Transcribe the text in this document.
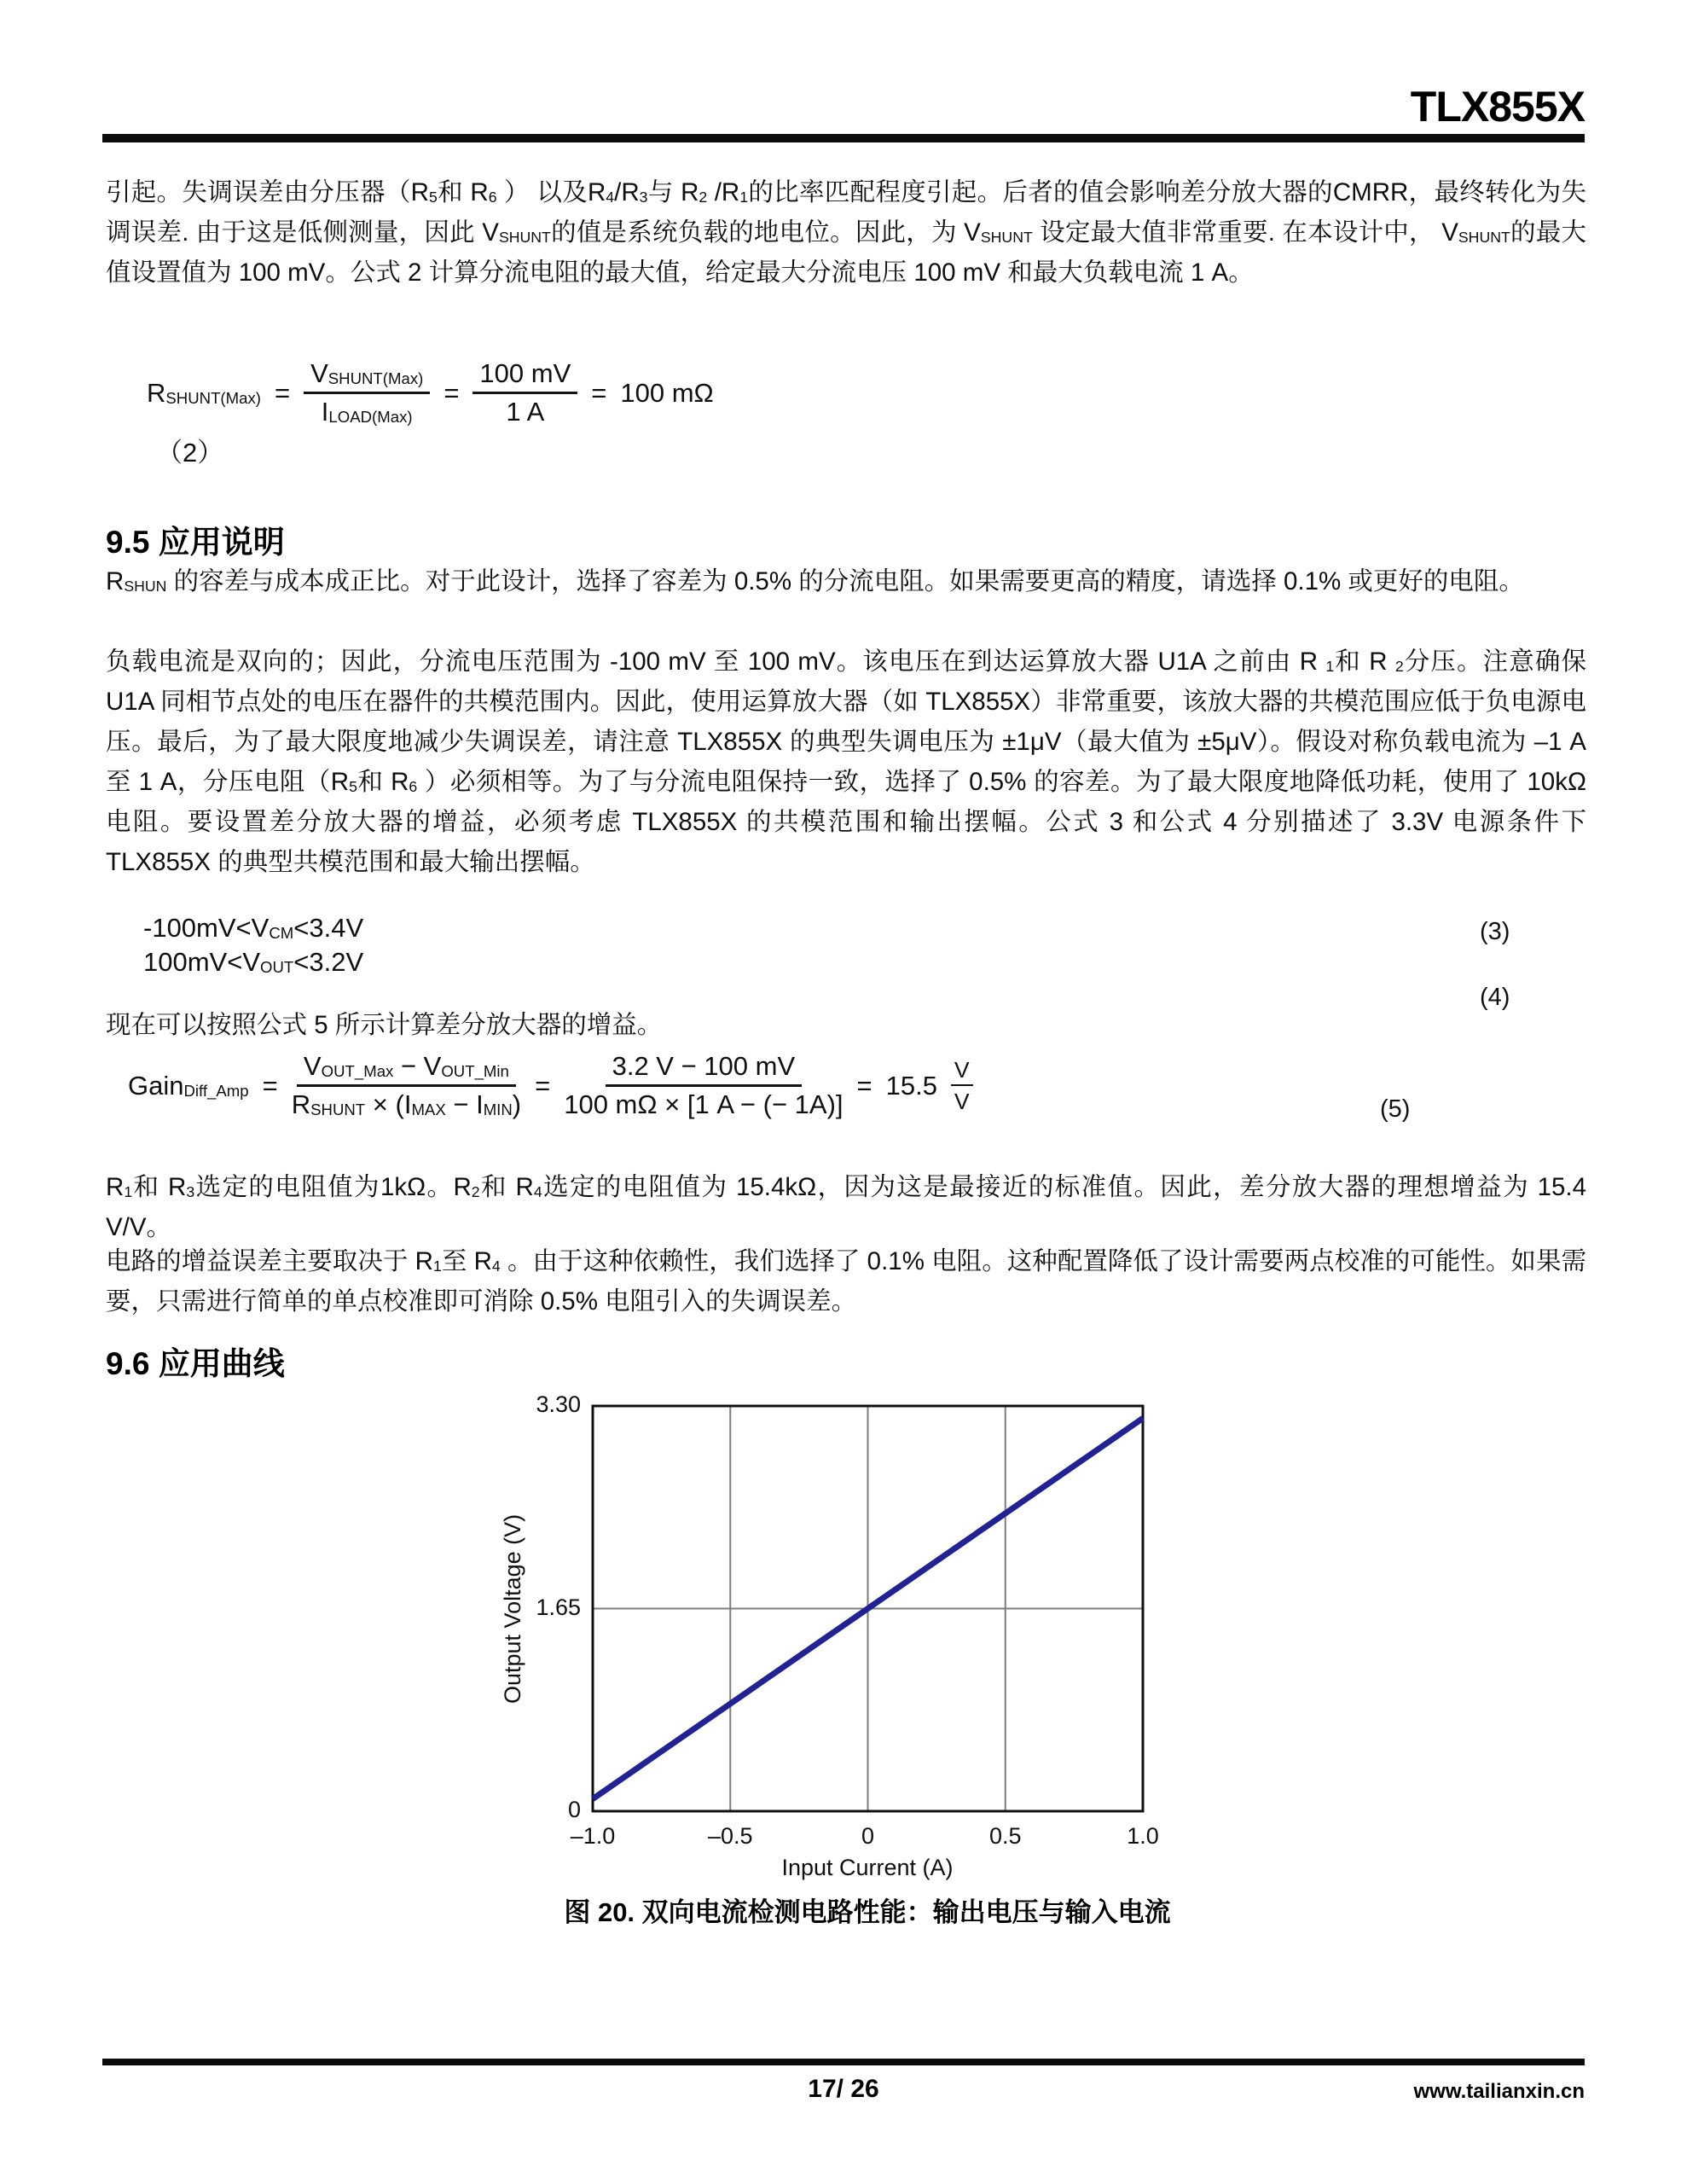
TLX855X
引起。失调误差由分压器（$R_5$和 $R_6$ ） 以及$R_4/R_3$与 $R_2$ $/R_1$的比率匹配程度引起。后者的值会影响差分放大器的CMRR，最终转化为失调误差. 由于这是低侧测量，因此 $V_{SHUNT}$的值是系统负载的地电位。因此，为 $V_{SHUNT}$ 设定最大值非常重要. 在本设计中， $V_{SHUNT}$的最大值设置值为 100 mV。公式 2 计算分流电阻的最大值，给定最大分流电压 100 mV 和最大负载电流 1 A。
$R_{SHUNT(Max)} = \frac{V_{SHUNT(Max)}}{I_{LOAD(Max)}} = \frac{100 mV}{1 A} = 100$ mΩ
（2）
9.5 应用说明
$R_{SHUN}$ 的容差与成本成正比。对于此设计，选择了容差为 0.5% 的分流电阻。如果需要更高的精度，请选择 0.1% 或更好的电阻。
负载电流是双向的；因此，分流电压范围为 -100 mV 至 100 mV。该电压在到达运算放大器 U1A 之前由 R $_1$和 R $_2$分压。注意确保 U1A 同相节点处的电压在器件的共模范围内。因此，使用运算放大器（如 TLX855X）非常重要，该放大器的共模范围应低于负电源电压。最后，为了最大限度地减少失调误差，请注意 TLX855X 的典型失调电压为 ±1μV（最大值为 ±5μV）。假设对称负载电流为 –1 A 至 1 A，分压电阻（$R_5$和 $R_6$ ）必须相等。为了与分流电阻保持一致，选择了 0.5% 的容差。为了最大限度地降低功耗，使用了 10kΩ 电阻。要设置差分放大器的增益，必须考虑 TLX855X 的共模范围和输出摆幅。公式 3 和公式 4 分别描述了 3.3V 电源条件下 TLX855X 的典型共模范围和最大输出摆幅。
$-100mV<V_{CM}<3.4V$	(3)
$100mV<V_{OUT}<3.2V$
(4)
现在可以按照公式 5 所示计算差分放大器的增益。
Gain$_{Diff\_Amp}$ = $\frac{V_{OUT\_Max} - V_{OUT\_Min}}{R_{SHUNT} \times (I_{MAX} - I_{MIN})} = \frac{3.2 V - 100 mV}{100 m\Omega \times [1 A - (- 1A)]} = 15.5 \frac{V}{V}$	(5)
$R_1$和 $R_3$选定的电阻值为1kΩ。$R_2$和 $R_4$选定的电阻值为 15.4kΩ，因为这是最接近的标准值。因此，差分放大器的理想增益为 15.4 V/V。
电路的增益误差主要取决于 $R_1$至 $R_4$ 。由于这种依赖性，我们选择了 0.1% 电阻。这种配置降低了设计需要两点校准的可能性。如果需要，只需进行简单的单点校准即可消除 0.5% 电阻引入的失调误差。
9.6 应用曲线
Output Voltage (V)
Input Current (A)
图 20. 双向电流检测电路性能：输出电压与输入电流
0
1.65
3.30
–1.0	–0.5	0	0.5	1.0
17/ 26	www.tailianxin.cn
